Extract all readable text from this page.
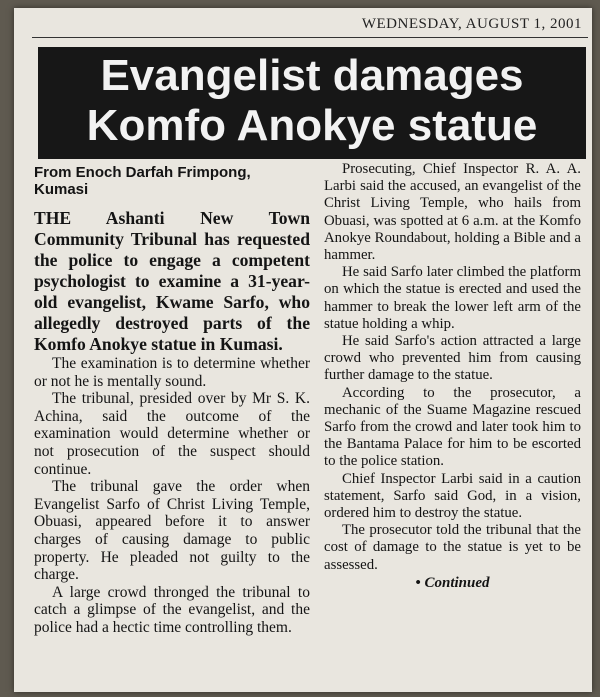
WEDNESDAY, AUGUST 1, 2001
Evangelist damages
Komfo Anokye statue
From Enoch Darfah Frimpong,
Kumasi

THE Ashanti New Town Community Tribunal has requested the police to engage a competent psychologist to examine a 31-year-old evangelist, Kwame Sarfo, who allegedly destroyed parts of the Komfo Anokye statue in Kumasi.

The examination is to determine whether or not he is mentally sound.

The tribunal, presided over by Mr S. K. Achina, said the outcome of the examination would determine whether or not prosecution of the suspect should continue.

The tribunal gave the order when Evangelist Sarfo of Christ Living Temple, Obuasi, appeared before it to answer charges of causing damage to public property. He pleaded not guilty to the charge.

A large crowd thronged the tribunal to catch a glimpse of the evangelist, and the police had a hectic time controlling them.

Prosecuting, Chief Inspector R. A. A. Larbi said the accused, an evangelist of the Christ Living Temple, who hails from Obuasi, was spotted at 6 a.m. at the Komfo Anokye Roundabout, holding a Bible and a hammer.

He said Sarfo later climbed the platform on which the statue is erected and used the hammer to break the lower left arm of the statue holding a whip.

He said Sarfo's action attracted a large crowd who prevented him from causing further damage to the statue.

According to the prosecutor, a mechanic of the Suame Magazine rescued Sarfo from the crowd and later took him to the Bantama Palace for him to be escorted to the police station.

Chief Inspector Larbi said in a caution statement, Sarfo said God, in a vision, ordered him to destroy the statue.

The prosecutor told the tribunal that the cost of damage to the statue is yet to be assessed.

• Continued
